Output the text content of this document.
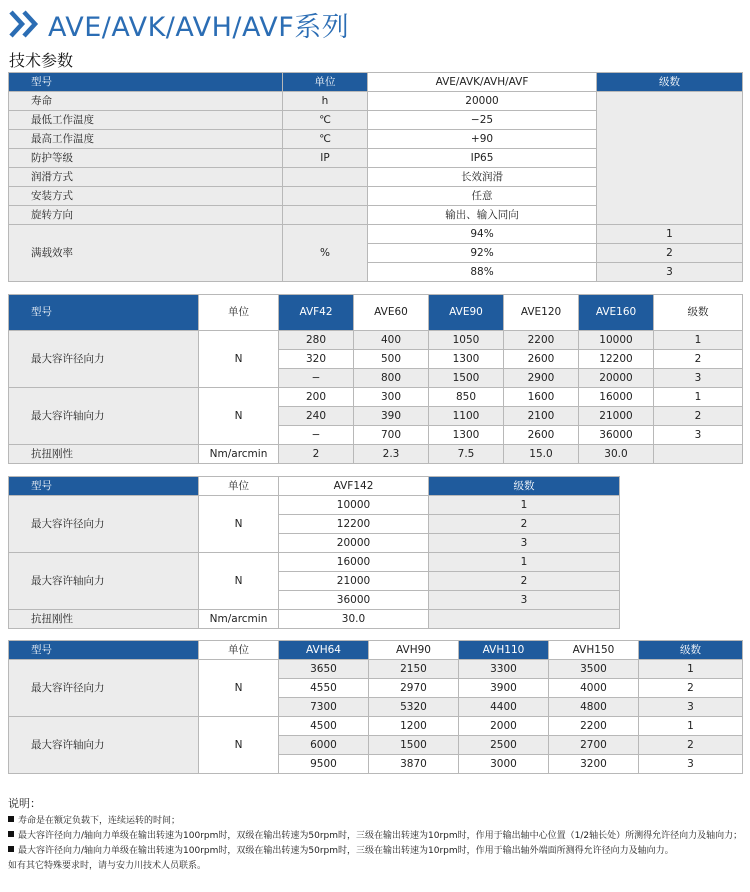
AVE/AVK/AVH/AVF系列
技术参数
型号	单位	AVE/AVK/AVH/AVF	级数
寿命	h	20000	
最低工作温度	℃	−25	
最高工作温度	℃	+90	
防护等级	IP	IP65	
润滑方式		长效润滑	
安装方式		任意	
旋转方向		输出、输入同向	
满载效率	%	94%	1
		92%	2
		88%	3
型号	单位	AVF42	AVE60	AVE90	AVE120	AVE160	级数
最大容许径向力	N	280	400	1050	2200	10000	1
		320	500	1300	2600	12200	2
		−	800	1500	2900	20000	3
最大容许轴向力	N	200	300	850	1600	16000	1
		240	390	1100	2100	21000	2
		−	700	1300	2600	36000	3
抗扭刚性	Nm/arcmin	2	2.3	7.5	15.0	30.0	
型号	单位	AVF142	级数
最大容许径向力	N	10000	1
		12200	2
		20000	3
最大容许轴向力	N	16000	1
		21000	2
		36000	3
抗扭刚性	Nm/arcmin	30.0	
型号	单位	AVH64	AVH90	AVH110	AVH150	级数
最大容许径向力	N	3650	2150	3300	3500	1
		4550	2970	3900	4000	2
		7300	5320	4400	4800	3
最大容许轴向力	N	4500	1200	2000	2200	1
		6000	1500	2500	2700	2
		9500	3870	3000	3200	3
说明：
寿命是在额定负载下，连续运转的时间；
最大容许径向力/轴向力单级在输出转速为100rpm时，双级在输出转速为50rpm时，三级在输出转速为10rpm时，作用于输出轴中心位置（1/2轴长处）所测得允许径向力及轴向力；
最大容许径向力/轴向力单级在输出转速为100rpm时，双级在输出转速为50rpm时，三级在输出转速为10rpm时，作用于输出轴外端面所测得允许径向力及轴向力。
如有其它特殊要求时，请与安力川技术人员联系。
